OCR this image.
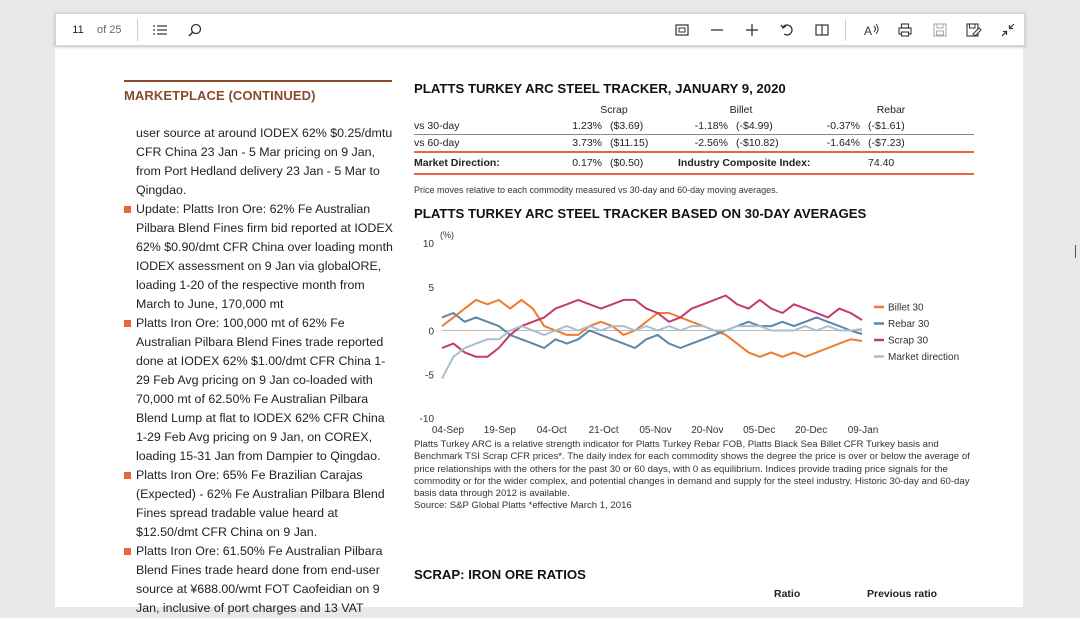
11	of 25	A
MARKETPLACE (CONTINUED)
user source at around IODEX 62% $0.25/dmtu CFR China 23 Jan - 5 Mar pricing on 9 Jan, from Port Hedland delivery 23 Jan - 5 Mar to Qingdao.
Update: Platts Iron Ore: 62% Fe Australian Pilbara Blend Fines firm bid reported at IODEX 62% $0.90/dmt CFR China over loading month IODEX assessment on 9 Jan via globalORE, loading 1-20 of the respective month from March to June, 170,000 mt
Platts Iron Ore: 100,000 mt of 62% Fe Australian Pilbara Blend Fines trade reported done at IODEX 62% $1.00/dmt CFR China 1-29 Feb Avg pricing on 9 Jan co-loaded with 70,000 mt of 62.50% Fe Australian Pilbara Blend Lump at flat to IODEX 62% CFR China 1-29 Feb Avg pricing on 9 Jan, on COREX, loading 15-31 Jan from Dampier to Qingdao.
Platts Iron Ore: 65% Fe Brazilian Carajas (Expected) - 62% Fe Australian Pilbara Blend Fines spread tradable value heard at $12.50/dmt CFR China on 9 Jan.
Platts Iron Ore: 61.50% Fe Australian Pilbara Blend Fines trade heard done from end-user source at ¥688.00/wmt FOT Caofeidian on 9 Jan, inclusive of port charges and 13 VAT
PLATTS TURKEY ARC STEEL TRACKER, JANUARY 9, 2020
	Scrap		Billet		Rebar	
vs 30-day	1.23%	($3.69)	-1.18%	(-$4.99)	-0.37%	(-$1.61)
vs 60-day	3.73%	($11.15)	-2.56%	(-$10.82)	-1.64%	(-$7.23)
Market Direction:	0.17%	($0.50)	Industry Composite Index:			74.40
Price moves relative to each commodity measured vs 30-day and 60-day moving averages.
PLATTS TURKEY ARC STEEL TRACKER BASED ON 30-DAY AVERAGES
10
5
0
-5
-10
(%)
04-Sep 19-Sep 04-Oct 21-Oct 05-Nov 20-Nov 05-Dec 20-Dec 09-Jan
Billet 30
Rebar 30
Scrap 30
Market direction
Platts Turkey ARC is a relative strength indicator for Platts Turkey Rebar FOB, Platts Black Sea Billet CFR Turkey basis and Benchmark TSI Scrap CFR prices*. The daily index for each commodity shows the degree the price is over or below the average of price relationships with the others for the past 30 or 60 days, with 0 as equilibrium. Indices provide trading price signals for the commodity or for the wider complex, and potential changes in demand and supply for the steel industry. Historic 30-day and 60-day basis data through 2012 is available.
Source: S&P Global Platts *effective March 1, 2016
SCRAP: IRON ORE RATIOS
Ratio	Previous ratio
